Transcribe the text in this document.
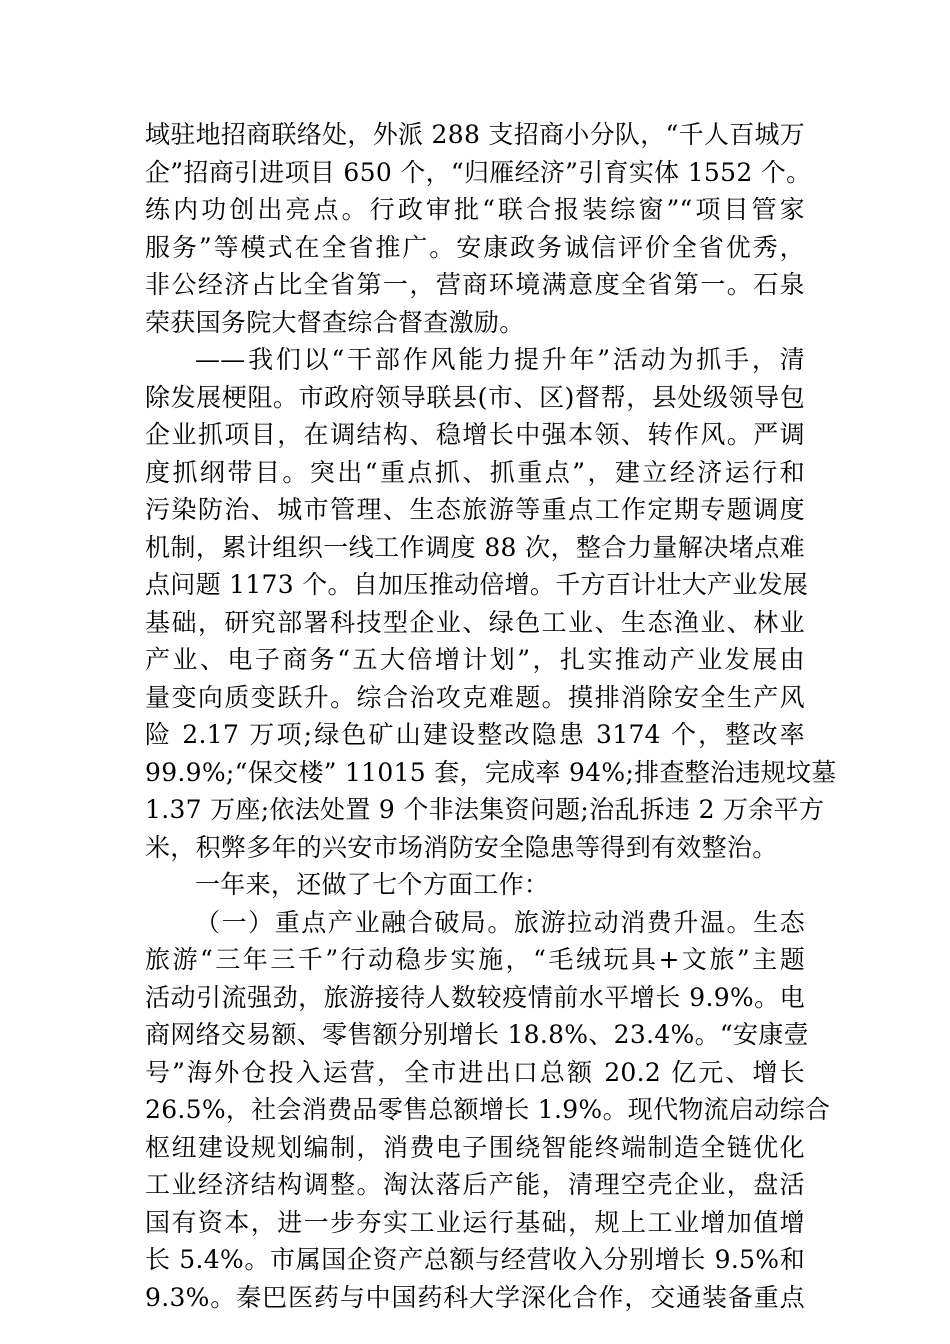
域驻地招商联络处，外派 288 支招商小分队，“千人百城万
企”招商引进项目 650 个，“归雁经济”引育实体 1552 个。
练内功创出亮点。行政审批“联合报装综窗”“项目管家
服务”等模式在全省推广。安康政务诚信评价全省优秀，
非公经济占比全省第一，营商环境满意度全省第一。石泉
荣获国务院大督查综合督查激励。
——我们以“干部作风能力提升年”活动为抓手，清
除发展梗阻。市政府领导联县(市、区)督帮，县处级领导包
企业抓项目，在调结构、稳增长中强本领、转作风。严调
度抓纲带目。突出“重点抓、抓重点”，建立经济运行和
污染防治、城市管理、生态旅游等重点工作定期专题调度
机制，累计组织一线工作调度 88 次，整合力量解决堵点难
点问题 1173 个。自加压推动倍增。千方百计壮大产业发展
基础，研究部署科技型企业、绿色工业、生态渔业、林业
产业、电子商务“五大倍增计划”，扎实推动产业发展由
量变向质变跃升。综合治攻克难题。摸排消除安全生产风
险 2.17 万项;绿色矿山建设整改隐患 3174 个，整改率
99.9%;“保交楼” 11015 套，完成率 94%;排查整治违规坟墓
1.37 万座;依法处置 9 个非法集资问题;治乱拆违 2 万余平方
米，积弊多年的兴安市场消防安全隐患等得到有效整治。
一年来，还做了七个方面工作：
（一）重点产业融合破局。旅游拉动消费升温。生态
旅游“三年三千”行动稳步实施，“毛绒玩具+文旅”主题
活动引流强劲，旅游接待人数较疫情前水平增长 9.9%。电
商网络交易额、零售额分别增长 18.8%、23.4%。“安康壹
号”海外仓投入运营，全市进出口总额 20.2 亿元、增长
26.5%，社会消费品零售总额增长 1.9%。现代物流启动综合
枢纽建设规划编制，消费电子围绕智能终端制造全链优化
工业经济结构调整。淘汰落后产能，清理空壳企业，盘活
国有资本，进一步夯实工业运行基础，规上工业增加值增
长 5.4%。市属国企资产总额与经营收入分别增长 9.5%和
9.3%。秦巴医药与中国药科大学深化合作，交通装备重点
